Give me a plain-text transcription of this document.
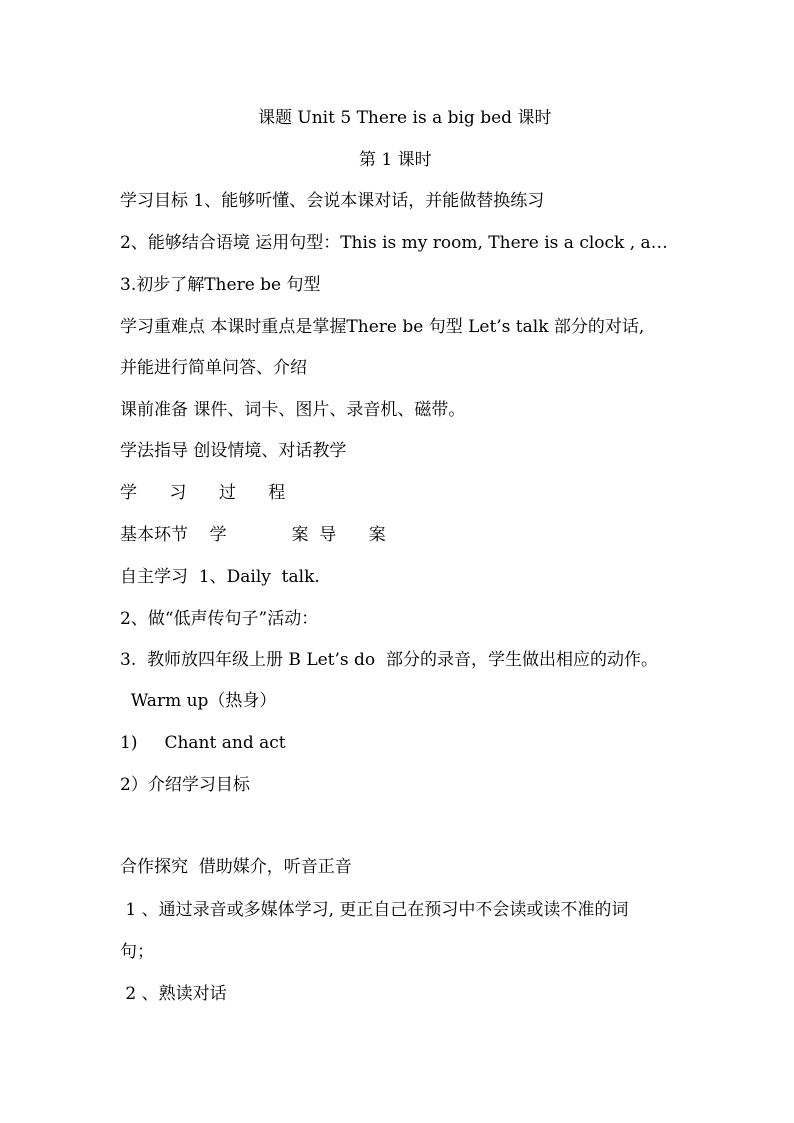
课题 Unit 5 There is a big bed 课时
第 1 课时
学习目标 1、能够听懂、会说本课对话，并能做替换练习
2、能够结合语境 运用句型：This is my room, There is a clock , a…
3.初步了解There be 句型
学习重难点 本课时重点是掌握There be 句型 Let’s talk 部分的对话,
并能进行简单问答、介绍
课前准备 课件、词卡、图片、录音机、磁带。
学法指导 创设情境、对话教学
学      习      过      程
基本环节    学            案  导      案
自主学习  1、Daily  talk.
2、做“低声传句子”活动：
3.  教师放四年级上册 B Let’s do  部分的录音，学生做出相应的动作。
Warm up（热身）
1)     Chant and act
2）介绍学习目标
合作探究  借助媒介，听音正音
1 、通过录音或多媒体学习, 更正自己在预习中不会读或读不准的词
句；
2 、熟读对话
